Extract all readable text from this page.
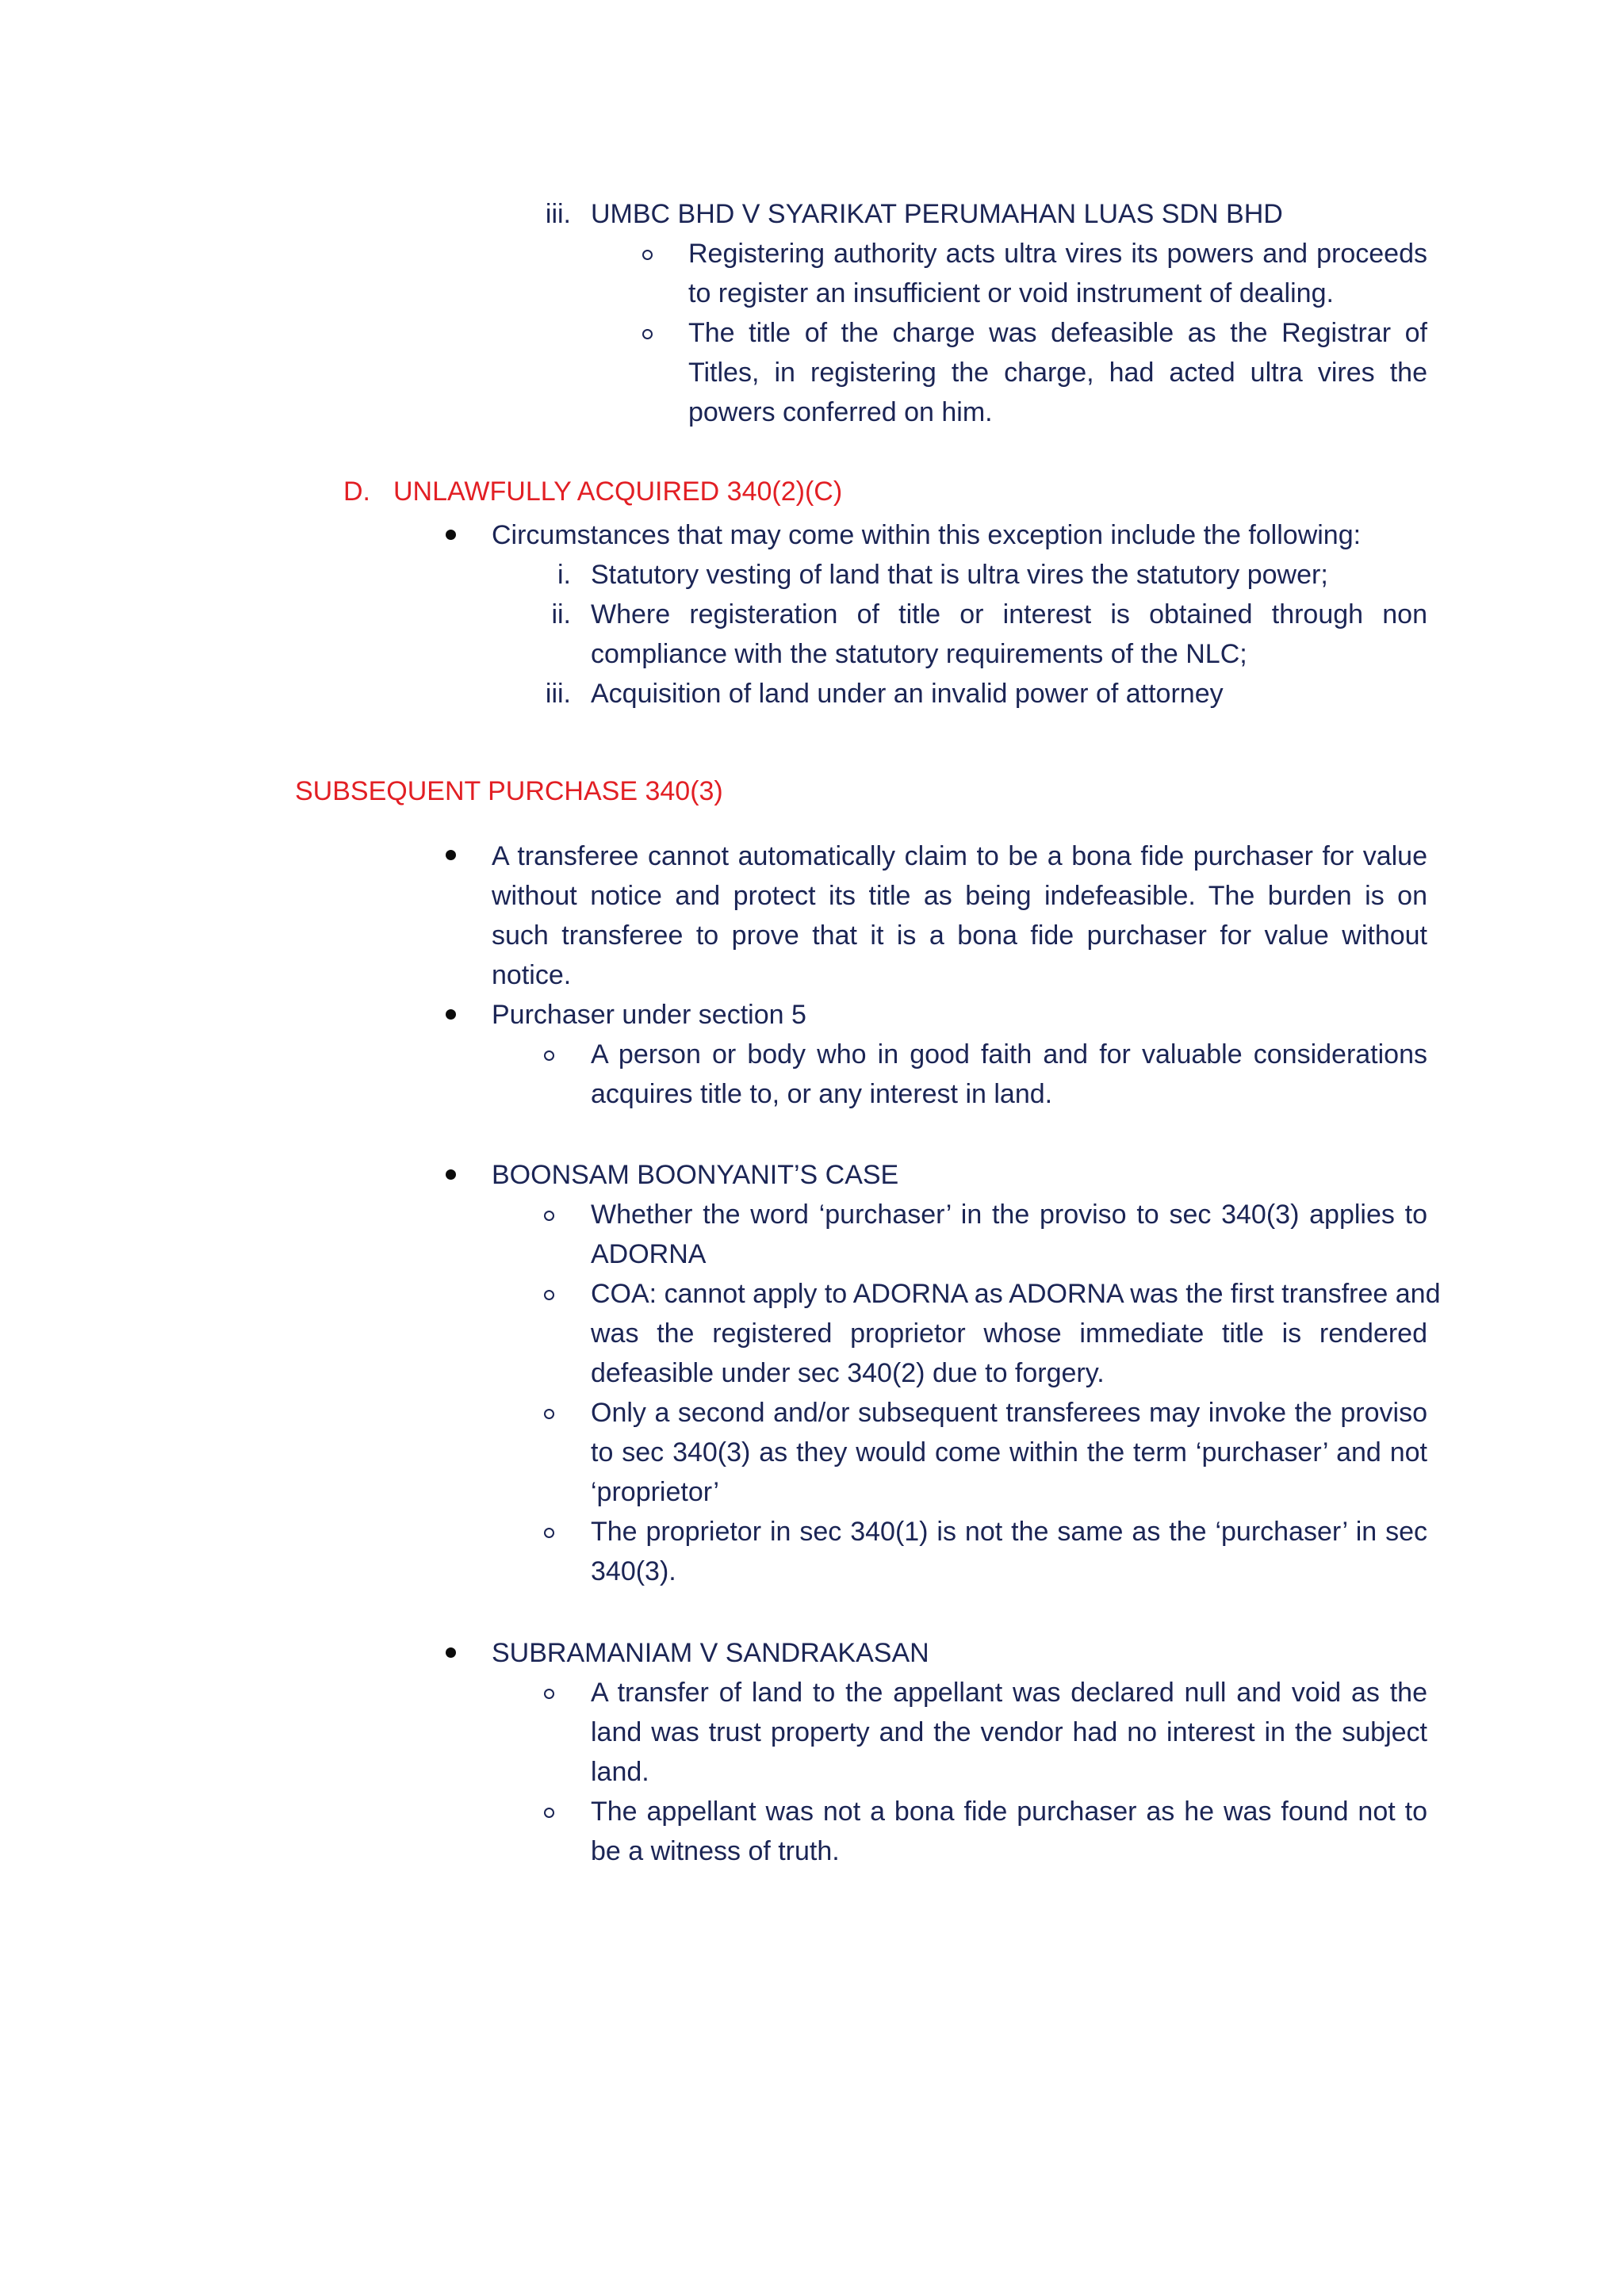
iii. UMBC BHD V SYARIKAT PERUMAHAN LUAS SDN BHD
Registering authority acts ultra vires its powers and proceeds
to register an insufficient or void instrument of dealing.
The title of the charge was defeasible as the Registrar of
Titles, in registering the charge, had acted ultra vires the
powers conferred on him.
D. UNLAWFULLY ACQUIRED 340(2)(C)
Circumstances that may come within this exception include the following:
i. Statutory vesting of land that is ultra vires the statutory power;
ii. Where registeration of title or interest is obtained through non
compliance with the statutory requirements of the NLC;
iii. Acquisition of land under an invalid power of attorney
SUBSEQUENT PURCHASE 340(3)
A transferee cannot automatically claim to be a bona fide purchaser for value
without notice and protect its title as being indefeasible. The burden is on
such transferee to prove that it is a bona fide purchaser for value without
notice.
Purchaser under section 5
A person or body who in good faith and for valuable considerations
acquires title to, or any interest in land.
BOONSAM BOONYANIT’S CASE
Whether the word ‘purchaser’ in the proviso to sec 340(3) applies to
ADORNA
COA: cannot apply to ADORNA as ADORNA was the first transfree and
was the registered proprietor whose immediate title is rendered
defeasible under sec 340(2) due to forgery.
Only a second and/or subsequent transferees may invoke the proviso
to sec 340(3) as they would come within the term ‘purchaser’ and not
‘proprietor’
The proprietor in sec 340(1) is not the same as the ‘purchaser’ in sec
340(3).
SUBRAMANIAM V SANDRAKASAN
A transfer of land to the appellant was declared null and void as the
land was trust property and the vendor had no interest in the subject
land.
The appellant was not a bona fide purchaser as he was found not to
be a witness of truth.
